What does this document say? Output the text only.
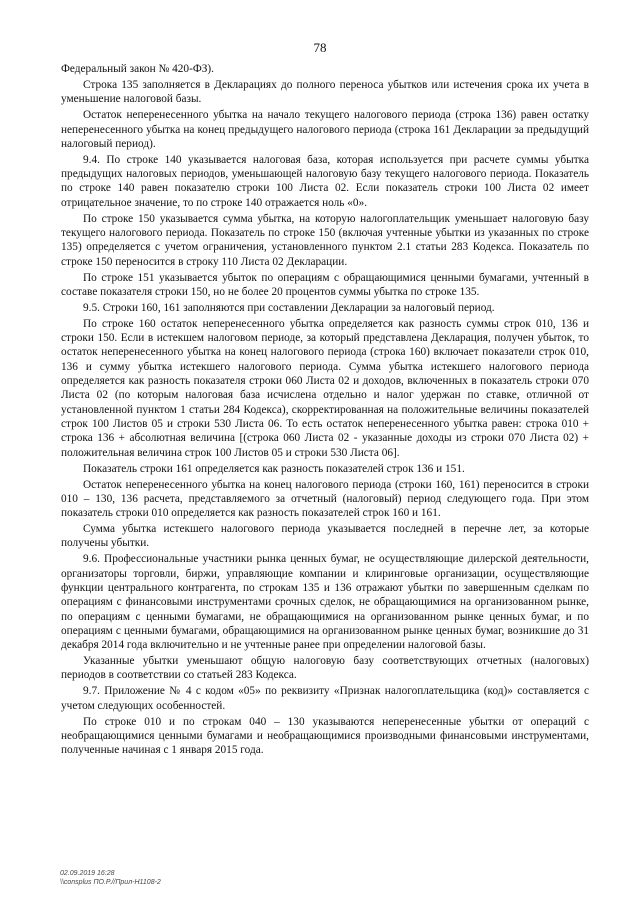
78

Федеральный закон № 420-ФЗ).

Строка 135 заполняется в Декларациях до полного переноса убытков или истечения срока их учета в уменьшение налоговой базы.

Остаток неперенесенного убытка на начало текущего налогового периода (строка 136) равен остатку неперенесенного убытка на конец предыдущего налогового периода (строка 161 Декларации за предыдущий налоговый период).

9.4. По строке 140 указывается налоговая база, которая используется при расчете суммы убытка предыдущих налоговых периодов, уменьшающей налоговую базу текущего налогового периода. Показатель по строке 140 равен показателю строки 100 Листа 02. Если показатель строки 100 Листа 02 имеет отрицательное значение, то по строке 140 отражается ноль «0».

По строке 150 указывается сумма убытка, на которую налогоплательщик уменьшает налоговую базу текущего налогового периода. Показатель по строке 150 (включая учтенные убытки из указанных по строке 135) определяется с учетом ограничения, установленного пунктом 2.1 статьи 283 Кодекса. Показатель по строке 150 переносится в строку 110 Листа 02 Декларации.

По строке 151 указывается убыток по операциям с обращающимися ценными бумагами, учтенный в составе показателя строки 150, но не более 20 процентов суммы убытка по строке 135.

9.5. Строки 160, 161 заполняются при составлении Декларации за налоговый период.

По строке 160 остаток неперенесенного убытка определяется как разность суммы строк 010, 136 и строки 150. Если в истекшем налоговом периоде, за который представлена Декларация, получен убыток, то остаток неперенесенного убытка на конец налогового периода (строка 160) включает показатели строк 010, 136 и сумму убытка истекшего налогового периода. Сумма убытка истекшего налогового периода определяется как разность показателя строки 060 Листа 02 и доходов, включенных в показатель строки 070 Листа 02 (по которым налоговая база исчислена отдельно и налог удержан по ставке, отличной от установленной пунктом 1 статьи 284 Кодекса), скорректированная на положительные величины показателей строк 100 Листов 05 и строки 530 Листа 06. То есть остаток неперенесенного убытка равен: строка 010 + строка 136 + абсолютная величина [(строка 060 Листа 02 - указанные доходы из строки 070 Листа 02) + положительная величина строк 100 Листов 05 и строки 530 Листа 06].

Показатель строки 161 определяется как разность показателей строк 136 и 151.

Остаток неперенесенного убытка на конец налогового периода (строки 160, 161) переносится в строки 010 – 130, 136 расчета, представляемого за отчетный (налоговый) период следующего года. При этом показатель строки 010 определяется как разность показателей строк 160 и 161.

Сумма убытка истекшего налогового периода указывается последней в перечне лет, за которые получены убытки.

9.6. Профессиональные участники рынка ценных бумаг, не осуществляющие дилерской деятельности, организаторы торговли, биржи, управляющие компании и клиринговые организации, осуществляющие функции центрального контрагента, по строкам 135 и 136 отражают убытки по завершенным сделкам по операциям с финансовыми инструментами срочных сделок, не обращающимися на организованном рынке, по операциям с ценными бумагами, не обращающимися на организованном рынке ценных бумаг, и по операциям с ценными бумагами, обращающимися на организованном рынке ценных бумаг, возникшие до 31 декабря 2014 года включительно и не учтенные ранее при определении налоговой базы.

Указанные убытки уменьшают общую налоговую базу соответствующих отчетных (налоговых) периодов в соответствии со статьей 283 Кодекса.

9.7. Приложение № 4 с кодом «05» по реквизиту «Признак налогоплательщика (код)» составляется с учетом следующих особенностей.

По строке 010 и по строкам 040 – 130 указываются неперенесенные убытки от операций с необращающимися ценными бумагами и необращающимися производными финансовыми инструментами, полученные начиная с 1 января 2015 года.

02.09.2019 16:28
\\consplus ПО.Р.//Прил-Н1108-2
